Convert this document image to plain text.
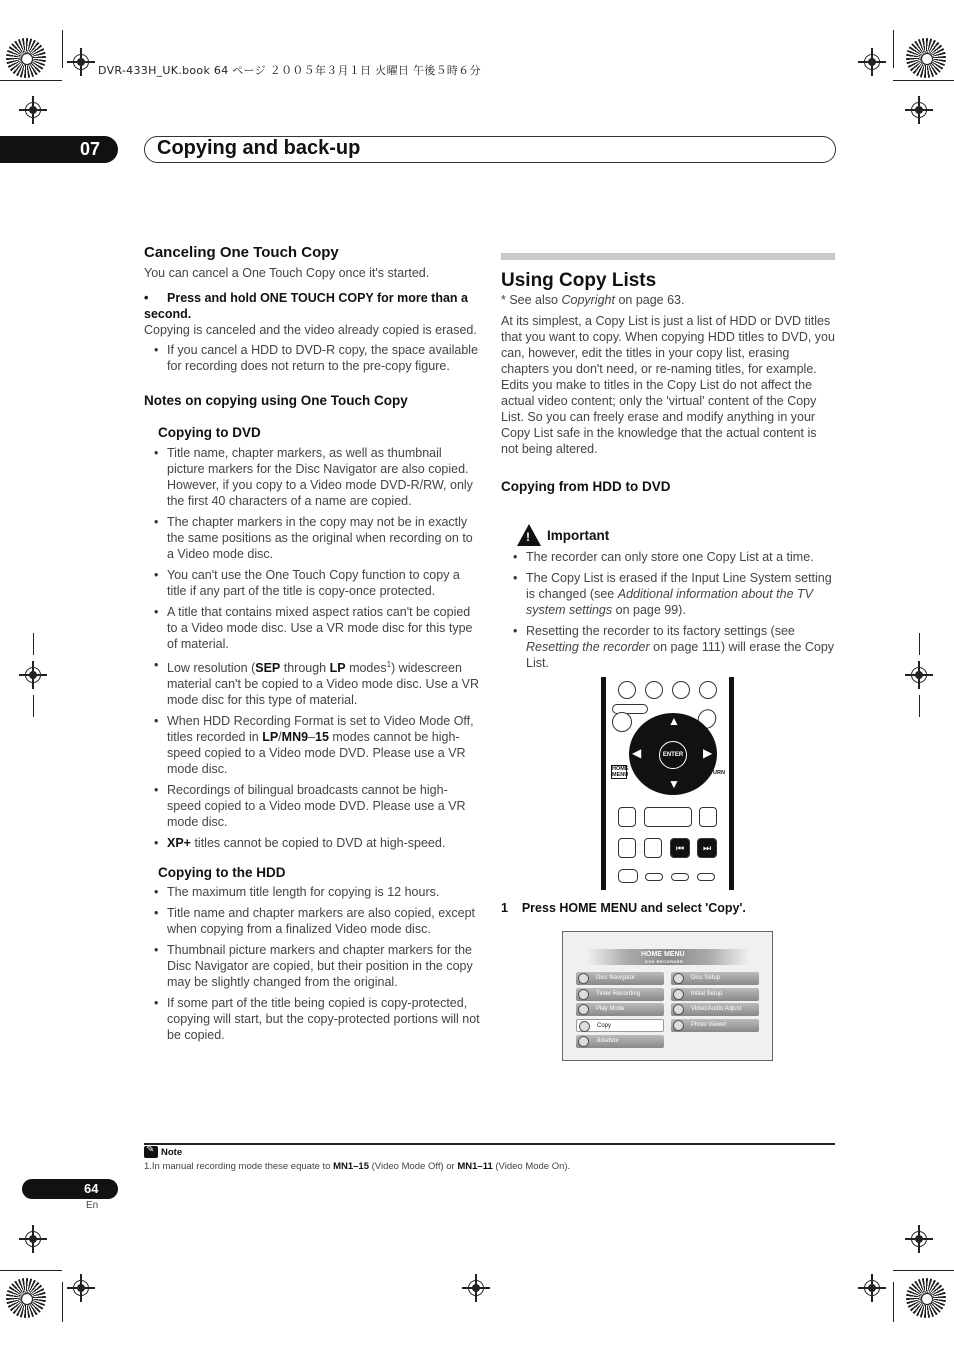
DVR-433H_UK.book 64 ページ ２００５年３月１日 火曜日 午後５時６分
07	Copying and back-up
Canceling One Touch Copy

You can cancel a One Touch Copy once it's started.

• Press and hold ONE TOUCH COPY for more than a second.

Copying is canceled and the video already copied is erased.

• If you cancel a HDD to DVD-R copy, the space available for recording does not return to the pre-copy figure.
Notes on copying using One Touch Copy
Copying to DVD
• Title name, chapter markers, as well as thumbnail picture markers for the Disc Navigator are also copied. However, if you copy to a Video mode DVD-R/RW, only the first 40 characters of a name are copied.
• The chapter markers in the copy may not be in exactly the same positions as the original when recording on to a Video mode disc.
• You can't use the One Touch Copy function to copy a title if any part of the title is copy-once protected.
• A title that contains mixed aspect ratios can't be copied to a Video mode disc. Use a VR mode disc for this type of material.
• Low resolution (SEP through LP modes$^1$) widescreen material can't be copied to a Video mode disc. Use a VR mode disc for this type of material.
• When HDD Recording Format is set to Video Mode Off, titles recorded in LP/MN9–15 modes cannot be high-speed copied to a Video mode DVD. Please use a VR mode disc.
• Recordings of bilingual broadcasts cannot be high-speed copied to a Video mode DVD. Please use a VR mode disc.
• XP+ titles cannot be copied to DVD at high-speed.
Copying to the HDD
• The maximum title length for copying is 12 hours.
• Title name and chapter markers are also copied, except when copying from a finalized Video mode disc.
• Thumbnail picture markers and chapter markers for the Disc Navigator are copied, but their position in the copy may be slightly changed from the original.
• If some part of the title being copied is copy-protected, copying will start, but the copy-protected portions will not be copied.
Using Copy Lists

* See also Copyright on page 63.

At its simplest, a Copy List is just a list of HDD or DVD titles that you want to copy. When copying HDD titles to DVD, you can, however, edit the titles in your copy list, erasing chapters you don't need, or re-naming titles, for example. Edits you make to titles in the Copy List do not affect the actual video content; only the 'virtual' content of the Copy List. So you can freely erase and modify anything in your Copy List safe in the knowledge that the actual content is not being altered.

Copying from HDD to DVD
! Important
• The recorder can only store one Copy List at a time.
• The Copy List is erased if the Input Line System setting is changed (see Additional information about the TV system settings on page 99).
• Resetting the recorder to its factory settings (see Resetting the recorder on page 111) will erase the Copy List.
▲
▼
◀	▶
ENTER
HOME MENU	RETURN
⏮	⏭
1    Press HOME MENU and select 'Copy'.
HOME MENU
DVD RECORDER
Disc Navigator
Timer Recording
Play Mode
Copy
Jukebox
Disc Setup
Initial Setup
Video/Audio Adjust
Photo Viewer
✎
Note
1.In manual recording mode these equate to MN1–15 (Video Mode Off) or MN1–11 (Video Mode On).
64
En
